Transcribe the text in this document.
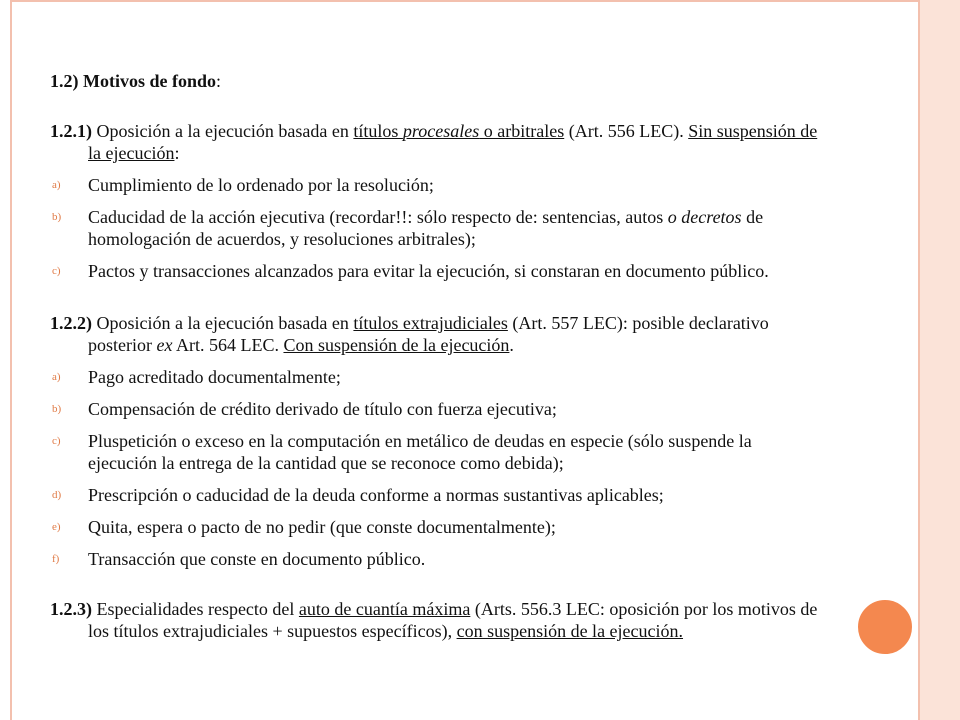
1.2) Motivos de fondo:

1.2.1) Oposición a la ejecución basada en títulos procesales o arbitrales (Art. 556 LEC). Sin suspensión de la ejecución:

a) Cumplimiento de lo ordenado por la resolución;
b) Caducidad de la acción ejecutiva (recordar!!: sólo respecto de: sentencias, autos o decretos de homologación de acuerdos, y resoluciones arbitrales);
c) Pactos y transacciones alcanzados para evitar la ejecución, si constaran en documento público.

1.2.2) Oposición a la ejecución basada en títulos extrajudiciales (Art. 557 LEC): posible declarativo posterior ex Art. 564 LEC. Con suspensión de la ejecución.

a) Pago acreditado documentalmente;
b) Compensación de crédito derivado de título con fuerza ejecutiva;
c) Pluspetición o exceso en la computación en metálico de deudas en especie (sólo suspende la ejecución la entrega de la cantidad que se reconoce como debida);
d) Prescripción o caducidad de la deuda conforme a normas sustantivas aplicables;
e) Quita, espera o pacto de no pedir (que conste documentalmente);
f) Transacción que conste en documento público.

1.2.3) Especialidades respecto del auto de cuantía máxima (Arts. 556.3 LEC: oposición por los motivos de los títulos extrajudiciales + supuestos específicos), con suspensión de la ejecución.
